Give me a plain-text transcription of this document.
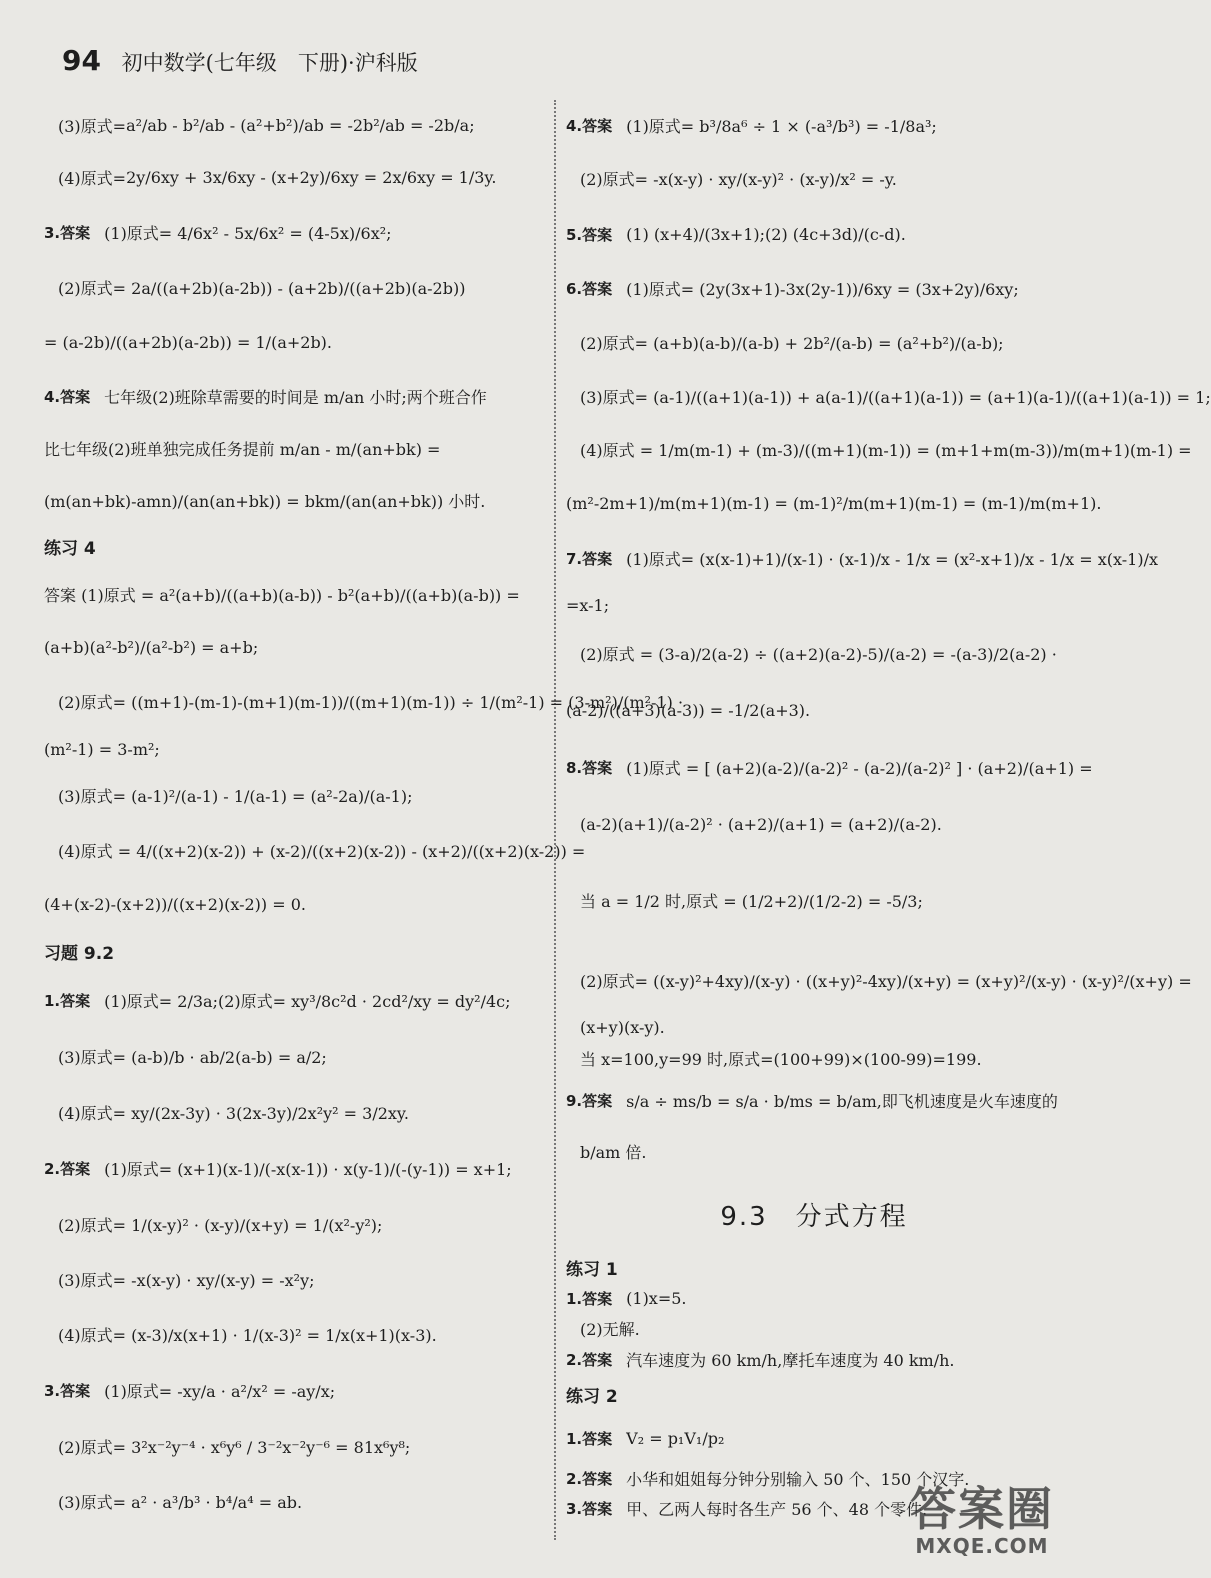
94 初中数学(七年级　下册)·沪科版
(3)原式= a²/ab - b²/ab - (a²+b²)/ab = -2b²/ab = -2b/a;
(4)原式= 2y/6xy + 3x/6xy - (x+2y)/6xy = 2x/6xy = 1/3y.
3.答案 (1)原式= 4/6x² - 5x/6x² = (4-5x)/6x²;
(2)原式= 2a/((a+2b)(a-2b)) - (a+2b)/((a+2b)(a-2b))
= (a-2b)/((a+2b)(a-2b)) = 1/(a+2b).
4.答案 七年级(2)班除草需要的时间是 m/an 小时;两个班合作
比七年级(2)班单独完成任务提前 m/an - m/(an+bk) =
(m(an+bk)-amn)/(an(an+bk)) = bkm/(an(an+bk)) 小时.
练习 4
答案 (1)原式 = a²(a+b)/((a+b)(a-b)) - b²(a+b)/((a+b)(a-b)) =
(a+b)(a²-b²)/(a²-b²) = a+b;
(2)原式= ((m+1)-(m-1)-(m+1)(m-1))/((m+1)(m-1)) ÷ 1/(m²-1) = (3-m²)/(m²-1) ·
(m²-1) = 3-m²;
(3)原式= (a-1)²/(a-1) - 1/(a-1) = (a²-2a)/(a-1);
(4)原式 = 4/((x+2)(x-2)) + (x-2)/((x+2)(x-2)) - (x+2)/((x+2)(x-2)) =
(4+(x-2)-(x+2))/((x+2)(x-2)) = 0.
习题 9.2
1.答案 (1)原式= 2/3a;(2)原式= xy³/8c²d · 2cd²/xy = dy²/4c;
(3)原式= (a-b)/b · ab/2(a-b) = a/2;
(4)原式= xy/(2x-3y) · 3(2x-3y)/2x²y² = 3/2xy.
2.答案 (1)原式= (x+1)(x-1)/(-x(x-1)) · x(y-1)/(-(y-1)) = x+1;
(2)原式= 1/(x-y)² · (x-y)/(x+y) = 1/(x²-y²);
(3)原式= -x(x-y) · xy/(x-y) = -x²y;
(4)原式= (x-3)/x(x+1) · 1/(x-3)² = 1/x(x+1)(x-3).
3.答案 (1)原式= -xy/a · a²/x² = -ay/x;
(2)原式= 3²x⁻²y⁻⁴ · x⁶y⁶ / 3⁻²x⁻²y⁻⁶ = 81x⁶y⁸;
(3)原式= a² · a³/b³ · b⁴/a⁴ = ab.
4.答案 (1)原式= b³/8a⁶ ÷ 1 × (-a³/b³) = -1/8a³;
(2)原式= -x(x-y) · xy/(x-y)² · (x-y)/x² = -y.
5.答案 (1) (x+4)/(3x+1);(2) (4c+3d)/(c-d).
6.答案 (1)原式= (2y(3x+1)-3x(2y-1))/6xy = (3x+2y)/6xy;
(2)原式= (a+b)(a-b)/(a-b) + 2b²/(a-b) = (a²+b²)/(a-b);
(3)原式= (a-1)/((a+1)(a-1)) + a(a-1)/((a+1)(a-1)) = (a+1)(a-1)/((a+1)(a-1)) = 1;
(4)原式 = 1/m(m-1) + (m-3)/((m+1)(m-1)) = (m+1+m(m-3))/m(m+1)(m-1) =
(m²-2m+1)/m(m+1)(m-1) = (m-1)²/m(m+1)(m-1) = (m-1)/m(m+1).
7.答案 (1)原式= (x(x-1)+1)/(x-1) · (x-1)/x - 1/x = (x²-x+1)/x - 1/x = x(x-1)/x
=x-1;
(2)原式 = (3-a)/2(a-2) ÷ ((a+2)(a-2)-5)/(a-2) = -(a-3)/2(a-2) ·
(a-2)/((a+3)(a-3)) = -1/2(a+3).
8.答案 (1)原式 = [ (a+2)(a-2)/(a-2)² - (a-2)/(a-2)² ] · (a+2)/(a+1) =
(a-2)(a+1)/(a-2)² · (a+2)/(a+1) = (a+2)/(a-2).
当 a = 1/2 时,原式 = (1/2+2)/(1/2-2) = -5/3;
(2)原式= ((x-y)²+4xy)/(x-y) · ((x+y)²-4xy)/(x+y) = (x+y)²/(x-y) · (x-y)²/(x+y) =
(x+y)(x-y).
当 x=100,y=99 时,原式=(100+99)×(100-99)=199.
9.答案 s/a ÷ ms/b = s/a · b/ms = b/am,即飞机速度是火车速度的
b/am 倍.
9.3　分式方程
练习 1
1.答案 (1)x=5.
(2)无解.
2.答案 汽车速度为 60 km/h,摩托车速度为 40 km/h.
练习 2
1.答案 V₂ = p₁V₁/p₂
2.答案 小华和姐姐每分钟分别输入 50 个、150 个汉字.
3.答案 甲、乙两人每时各生产 56 个、48 个零件.
答案圈
MXQE.COM
